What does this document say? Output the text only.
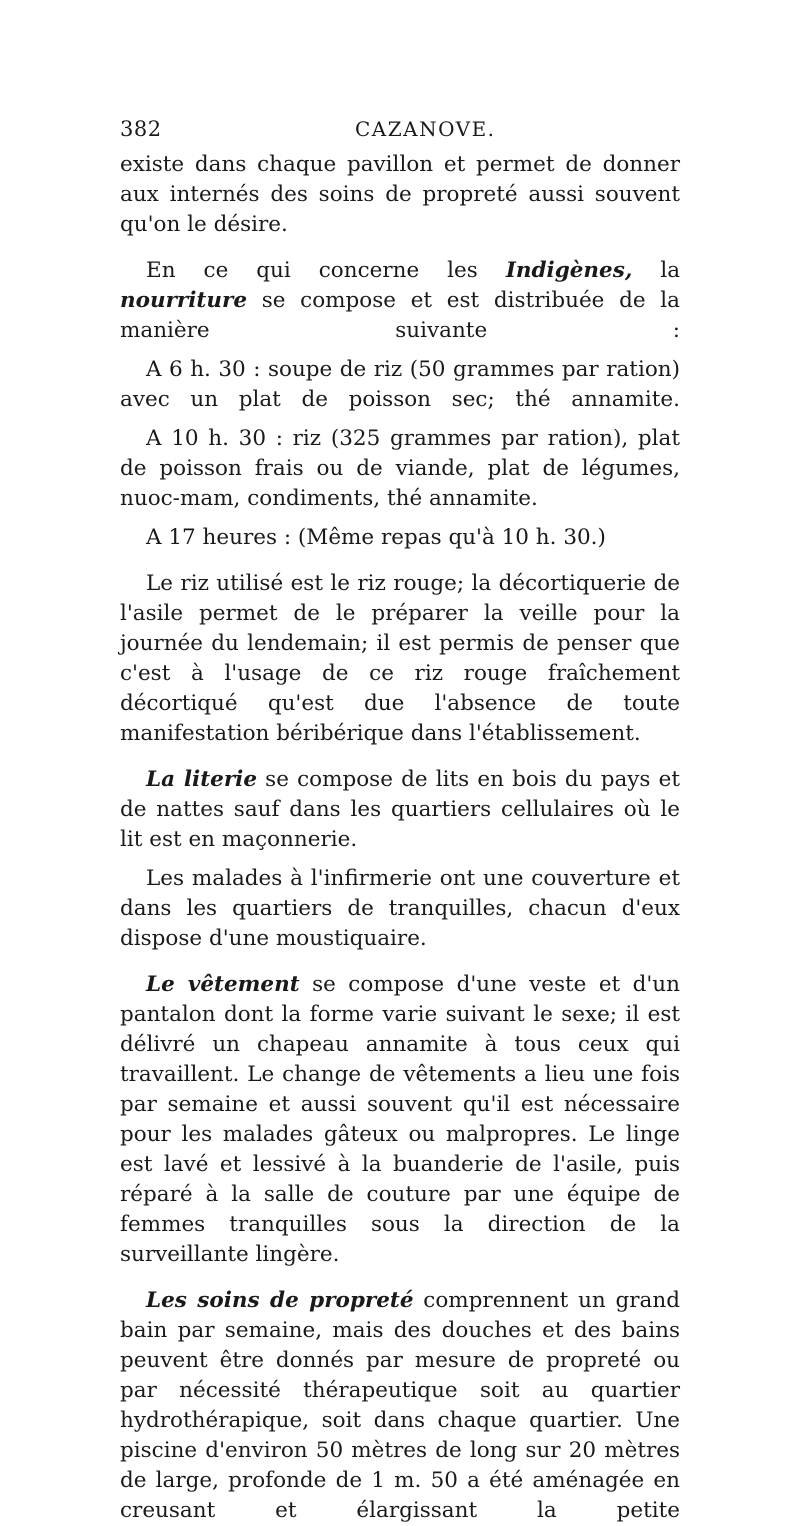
382	CAZANOVE.

existe dans chaque pavillon et permet de donner aux internés des soins de propreté aussi souvent qu'on le désire.

En ce qui concerne les Indigènes, la nourriture se compose et est distribuée de la manière suivante :

A 6 h. 30 : soupe de riz (50 grammes par ration) avec un plat de poisson sec; thé annamite.

A 10 h. 30 : riz (325 grammes par ration), plat de poisson frais ou de viande, plat de légumes, nuoc-mam, condiments, thé annamite.

A 17 heures : (Même repas qu'à 10 h. 30.)

Le riz utilisé est le riz rouge; la décortiquerie de l'asile permet de le préparer la veille pour la journée du lendemain; il est permis de penser que c'est à l'usage de ce riz rouge fraîchement décortiqué qu'est due l'absence de toute manifestation béribérique dans l'établissement.

La literie se compose de lits en bois du pays et de nattes sauf dans les quartiers cellulaires où le lit est en maçonnerie.

Les malades à l'infirmerie ont une couverture et dans les quartiers de tranquilles, chacun d'eux dispose d'une moustiquaire.

Le vêtement se compose d'une veste et d'un pantalon dont la forme varie suivant le sexe; il est délivré un chapeau annamite à tous ceux qui travaillent. Le change de vêtements a lieu une fois par semaine et aussi souvent qu'il est nécessaire pour les malades gâteux ou malpropres. Le linge est lavé et lessivé à la buanderie de l'asile, puis réparé à la salle de couture par une équipe de femmes tranquilles sous la direction de la surveillante lingère.

Les soins de propreté comprennent un grand bain par semaine, mais des douches et des bains peuvent être donnés par mesure de propreté ou par nécessité thérapeutique soit au quartier hydrothérapique, soit dans chaque quartier. Une piscine d'environ 50 mètres de long sur 20 mètres de large, profonde de 1 m. 50 a été aménagée en creusant et élargissant la petite
